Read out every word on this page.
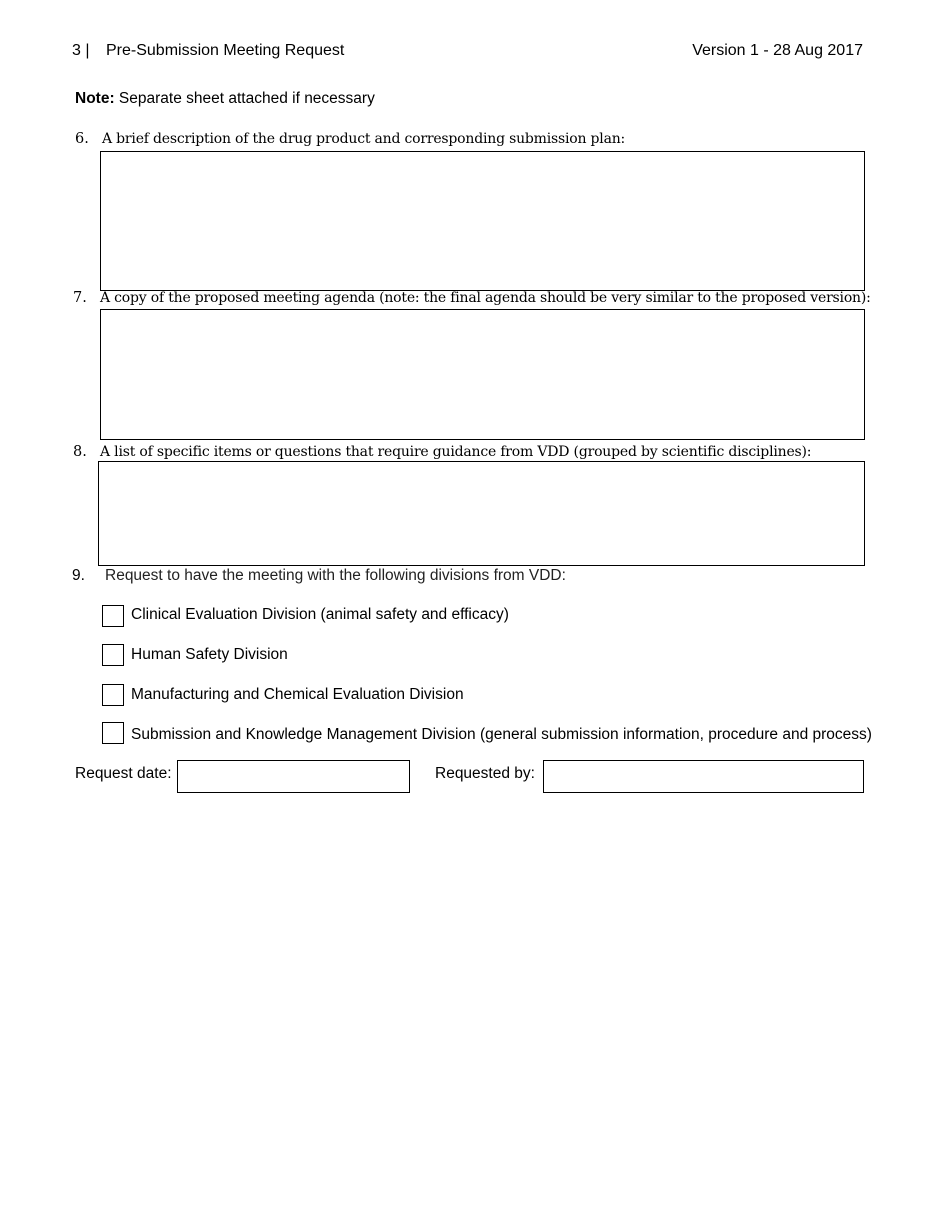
3 | Pre-Submission Meeting Request	Version 1 - 28 Aug 2017
Note: Separate sheet attached if necessary
6. A brief description of the drug product and corresponding submission plan:
7. A copy of the proposed meeting agenda (note: the final agenda should be very similar to the proposed version):
8. A list of specific items or questions that require guidance from VDD (grouped by scientific disciplines):
9. Request to have the meeting with the following divisions from VDD:
Clinical Evaluation Division (animal safety and efficacy)
Human Safety Division
Manufacturing and Chemical Evaluation Division
Submission and Knowledge Management Division (general submission information, procedure and process)
Request date:	Requested by:
